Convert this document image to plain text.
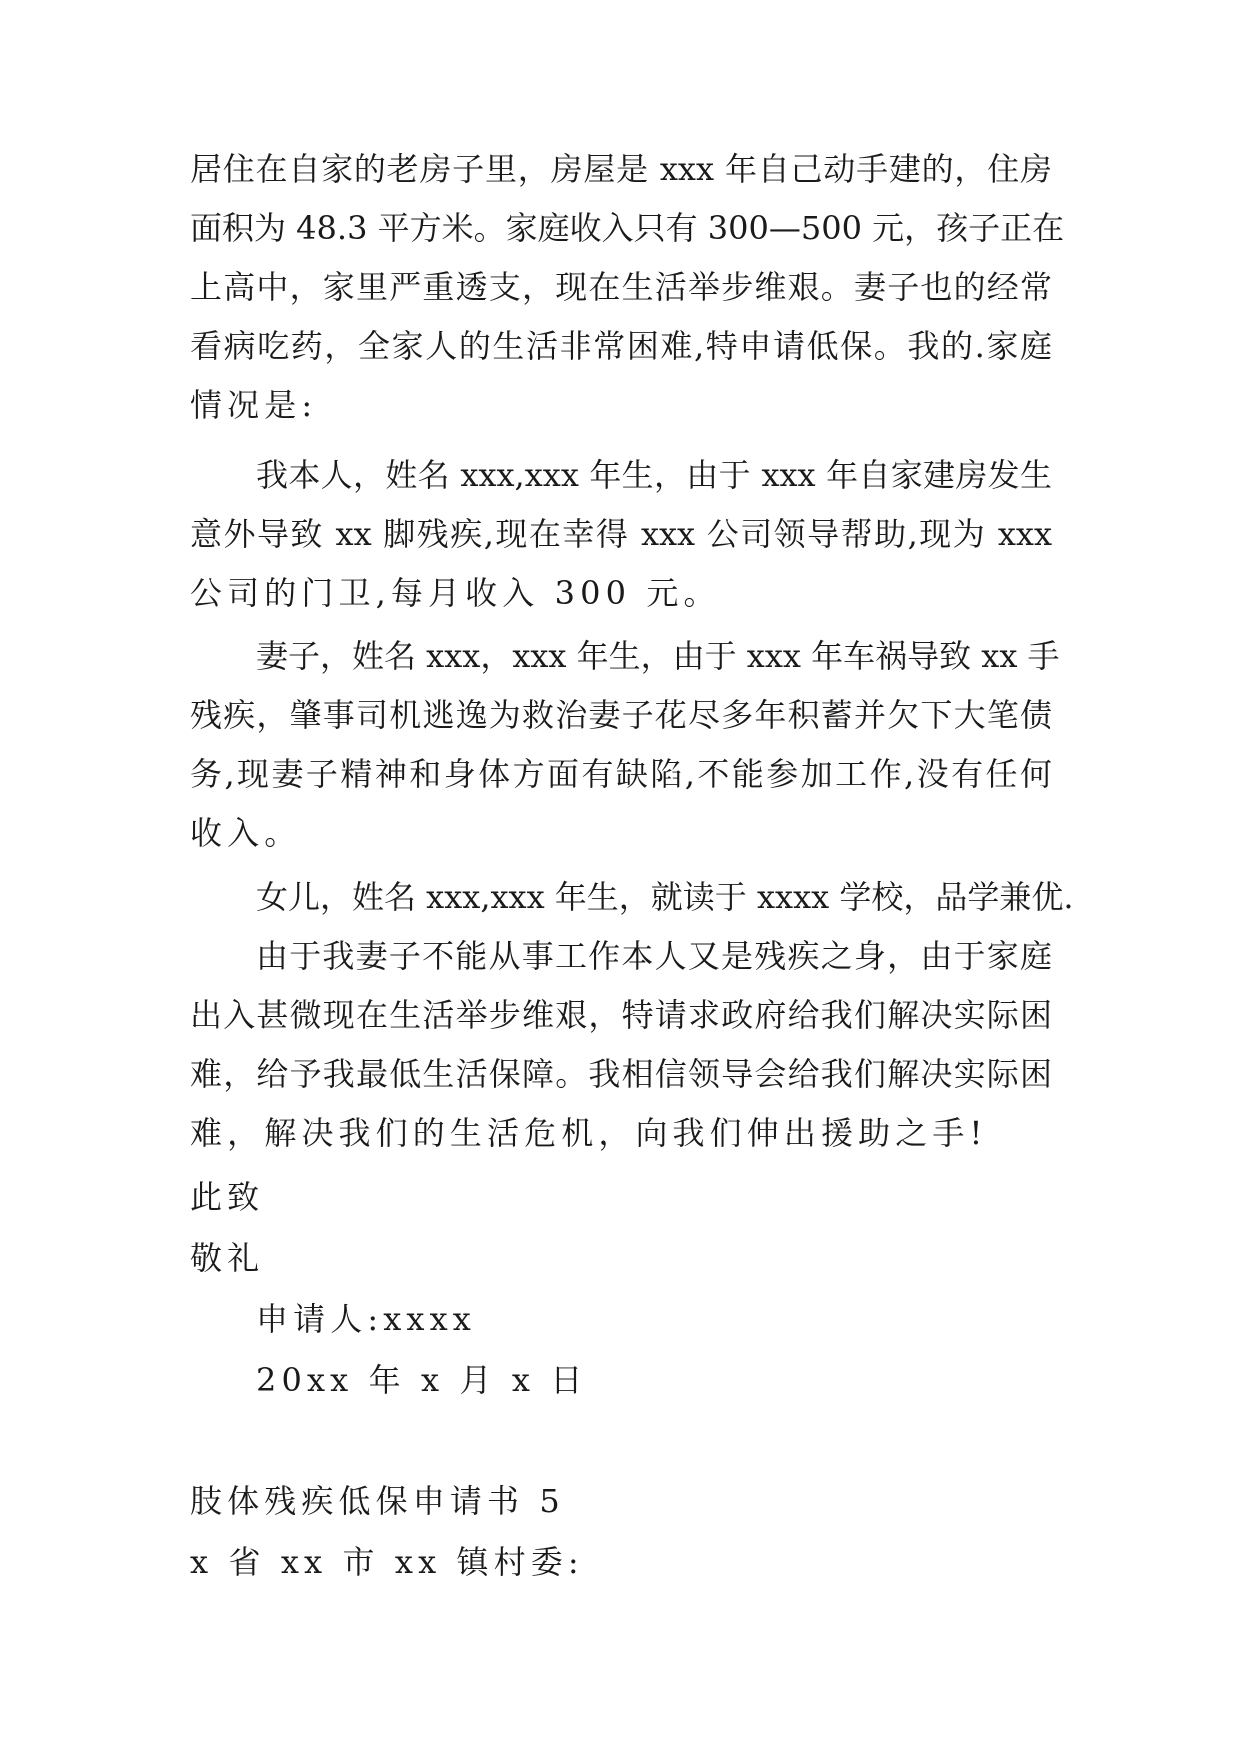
居住在自家的老房子里，房屋是 xxx 年自己动手建的，住房

面积为 48.3 平方米。家庭收入只有 300—500 元，孩子正在

上高中，家里严重透支，现在生活举步维艰。妻子也的经常

看病吃药，全家人的生活非常困难,特申请低保。我的.家庭

情况是:

我本人，姓名 xxx,xxx 年生，由于 xxx 年自家建房发生

意外导致 xx 脚残疾,现在幸得 xxx 公司领导帮助,现为 xxx

公司的门卫,每月收入 300 元。

妻子，姓名 xxx，xxx 年生，由于 xxx 年车祸导致 xx 手

残疾，肇事司机逃逸为救治妻子花尽多年积蓄并欠下大笔债

务,现妻子精神和身体方面有缺陷,不能参加工作,没有任何

收入。

女儿，姓名 xxx,xxx 年生，就读于 xxxx 学校，品学兼优.

由于我妻子不能从事工作本人又是残疾之身，由于家庭

出入甚微现在生活举步维艰，特请求政府给我们解决实际困

难，给予我最低生活保障。我相信领导会给我们解决实际困

难，解决我们的生活危机，向我们伸出援助之手!

此致

敬礼

申请人:xxxx

20xx 年 x 月 x 日

肢体残疾低保申请书 5

x 省 xx 市 xx 镇村委:
